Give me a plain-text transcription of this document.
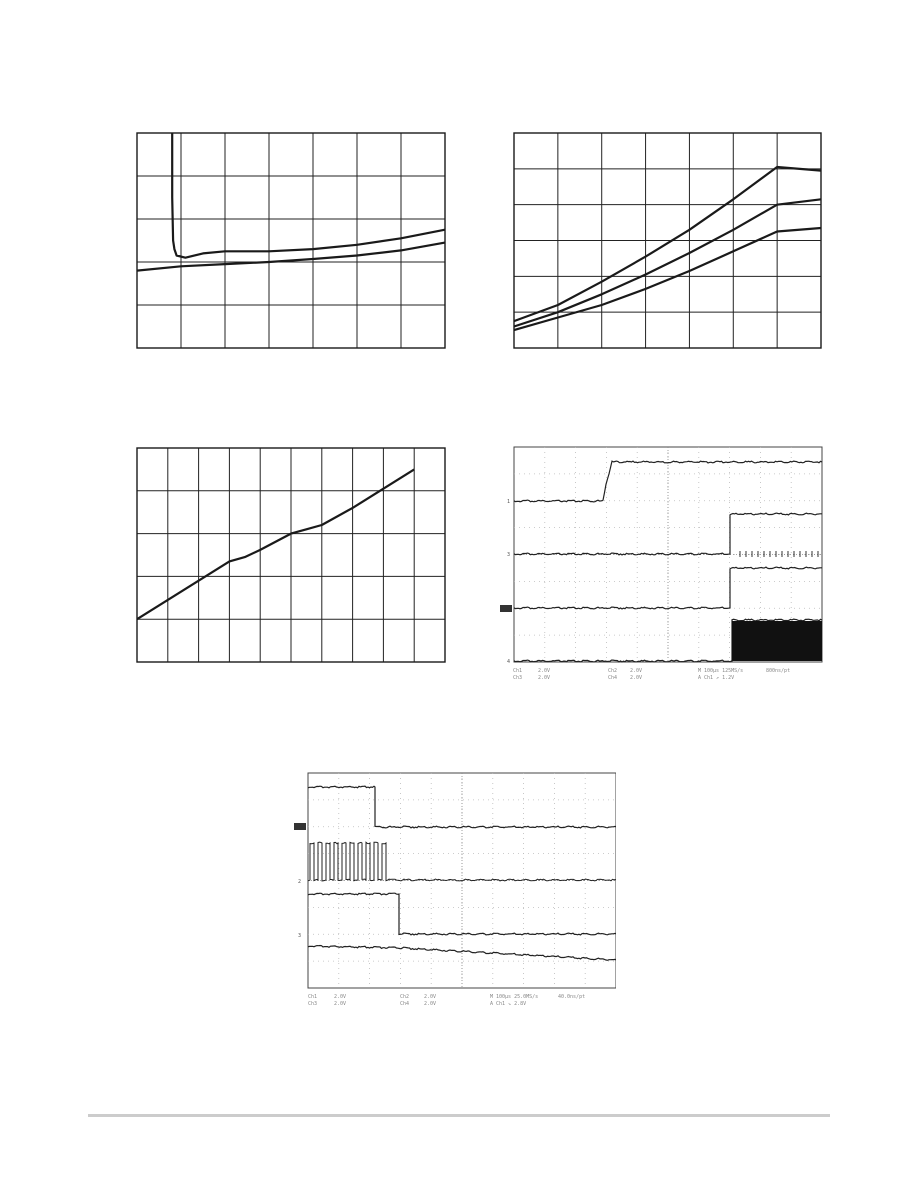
1
3
4
Ch1	2.0V
Ch3	2.0V
Ch2	2.0V
Ch4	2.0V
M 100µs 125MS/s	800ns/pt
A Ch1 ↗ 1.2V
2
3
Ch1	2.0V
Ch3	2.0V
Ch2	2.0V
Ch4	2.0V
M 100µs 25.0MS/s	40.0ns/pt
A Ch1 ↘ 2.8V
